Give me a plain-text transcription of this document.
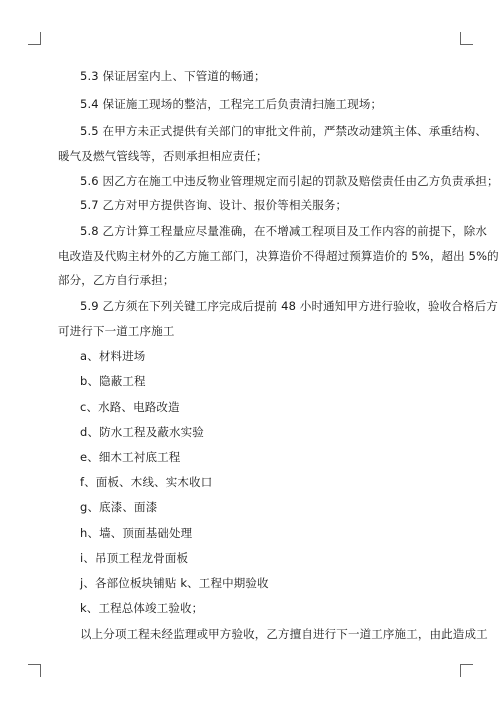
5.3 保证居室内上、下管道的畅通；
5.4 保证施工现场的整洁，工程完工后负责清扫施工现场；
5.5 在甲方未正式提供有关部门的审批文件前，严禁改动建筑主体、承重结构、
暖气及燃气管线等，否则承担相应责任；
5.6 因乙方在施工中违反物业管理规定而引起的罚款及赔偿责任由乙方负责承担；
5.7 乙方对甲方提供咨询、设计、报价等相关服务；
5.8 乙方计算工程量应尽量准确，在不增减工程项目及工作内容的前提下，除水
电改造及代购主材外的乙方施工部门，决算造价不得超过预算造价的 5%，超出 5%的
部分，乙方自行承担；
5.9 乙方须在下列关键工序完成后提前 48 小时通知甲方进行验收，验收合格后方
可进行下一道工序施工
a、材料进场
b、隐蔽工程
c、水路、电路改造
d、防水工程及蔽水实验
e、细木工衬底工程
f、面板、木线、实木收口
g、底漆、面漆
h、墙、顶面基础处理
i、吊顶工程龙骨面板
j、各部位板块铺贴 k、工程中期验收
k、工程总体竣工验收；
以上分项工程未经监理或甲方验收，乙方擅自进行下一道工序施工，由此造成工
